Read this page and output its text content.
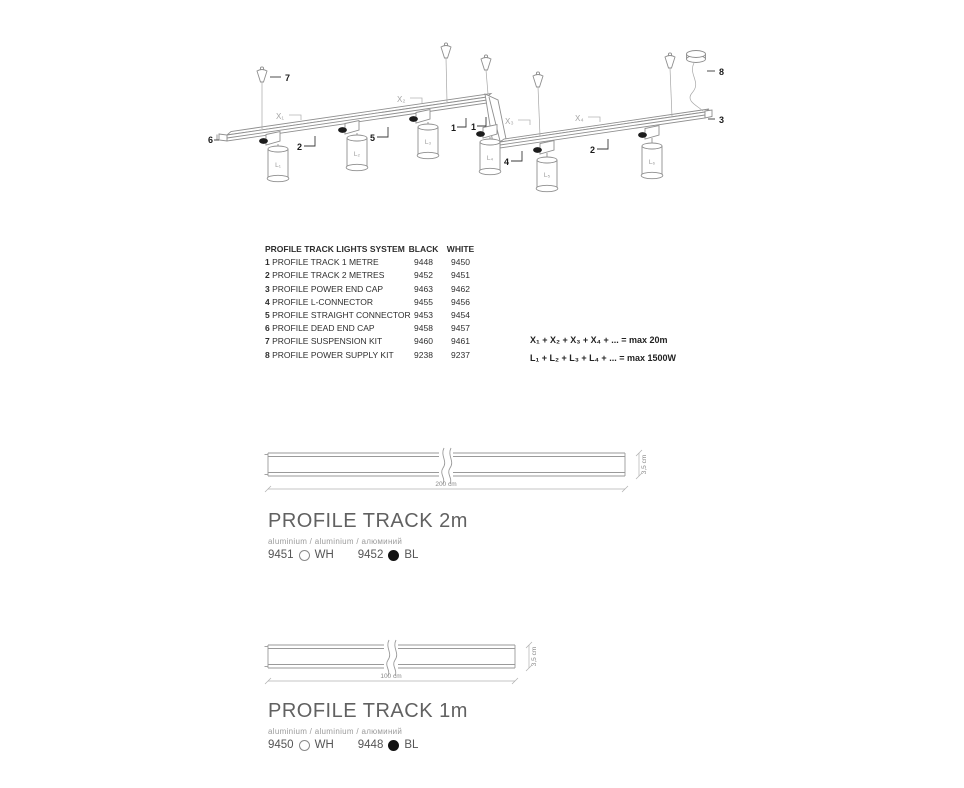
L₁
L₂
L₃
L₄
L₅
L₆
X₁
X₂
X₃	X₄
7
8
3
6
2
5
1 1
4
2
PROFILE TRACK LIGHTS SYSTEM BLACK WHITE
1 PROFILE TRACK 1 METRE	9448	9450
2 PROFILE TRACK 2 METRES	9452	9451
3 PROFILE POWER END CAP	9463	9462
4 PROFILE L-CONNECTOR	9455	9456
5 PROFILE STRAIGHT CONNECTOR 9453	9454
6 PROFILE DEAD END CAP	9458	9457
7 PROFILE SUSPENSION KIT	9460	9461
8 PROFILE POWER SUPPLY KIT	9238	9237
X₁ + X₂ + X₃ + X₄ + ... = max 20m
L₁ + L₂ + L₃ + L₄ + ... = max 1500W
200 cm
3,5 cm
PROFILE TRACK 2m
aluminium / aluminium / алюминий
9451 WH 9452 BL
100 cm
3,5 cm
PROFILE TRACK 1m
aluminium / aluminium / алюминий
9450 WH 9448 BL
